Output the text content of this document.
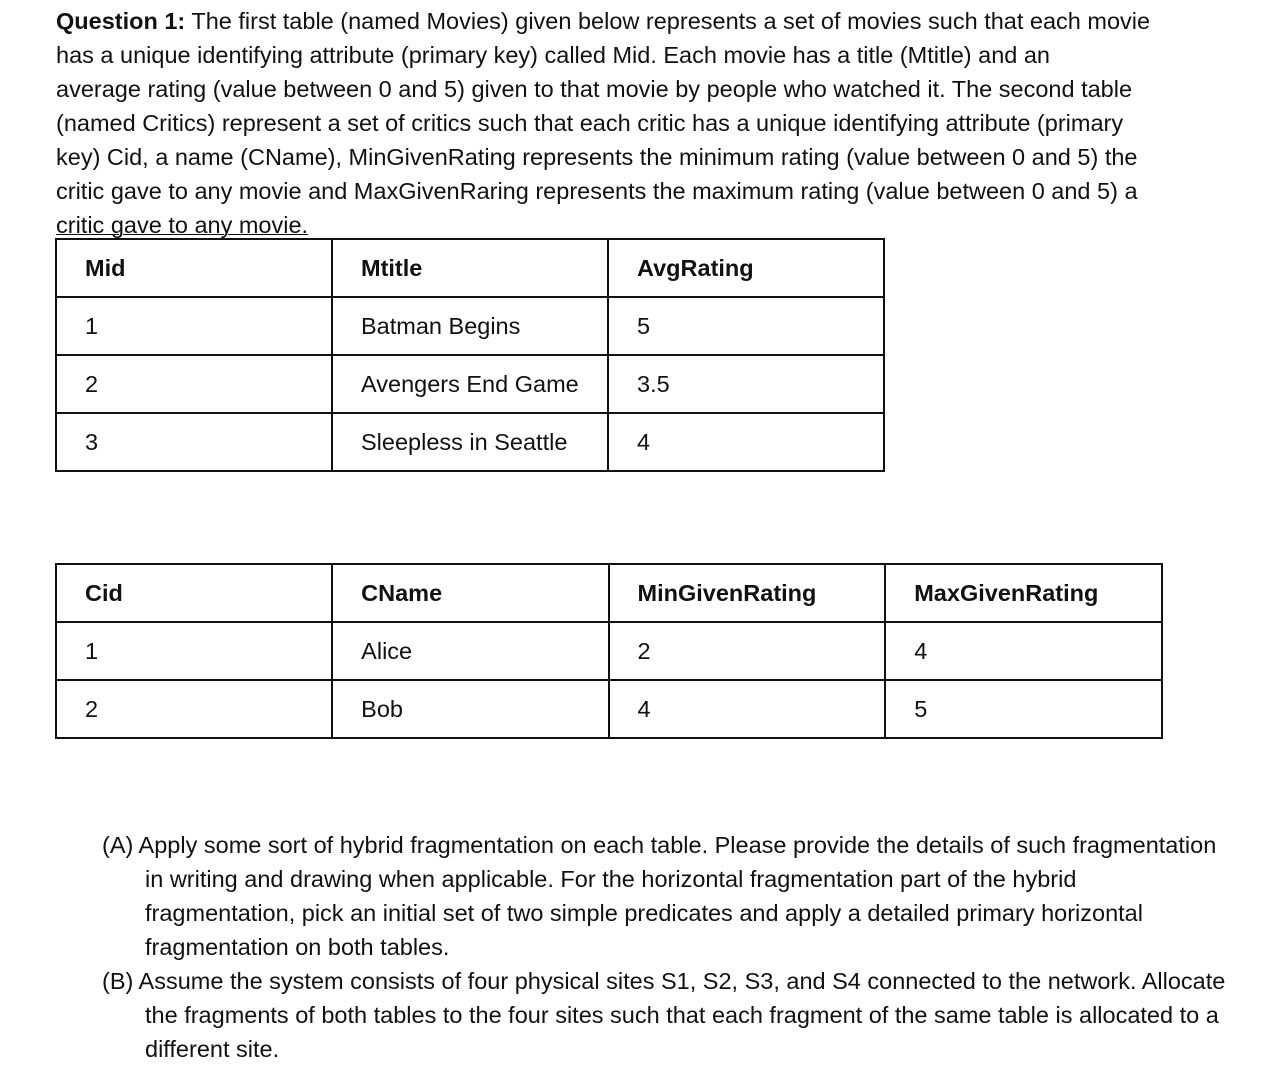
Question 1: The first table (named Movies) given below represents a set of movies such that each movie
has a unique identifying attribute (primary key) called Mid. Each movie has a title (Mtitle) and an
average rating (value between 0 and 5) given to that movie by people who watched it. The second table
(named Critics) represent a set of critics such that each critic has a unique identifying attribute (primary
key) Cid, a name (CName), MinGivenRating represents the minimum rating (value between 0 and 5) the
critic gave to any movie and MaxGivenRaring represents the maximum rating (value between 0 and 5) a
critic gave to any movie.
Mid	Mtitle	AvgRating
1	Batman Begins	5
2	Avengers End Game	3.5
3	Sleepless in Seattle	4
Cid	CName	MinGivenRating	MaxGivenRating
1	Alice	2	4
2	Bob	4	5
(A) Apply some sort of hybrid fragmentation on each table. Please provide the details of such fragmentation in writing and drawing when applicable. For the horizontal fragmentation part of the hybrid fragmentation, pick an initial set of two simple predicates and apply a detailed primary horizontal fragmentation on both tables.
(B) Assume the system consists of four physical sites S1, S2, S3, and S4 connected to the network. Allocate the fragments of both tables to the four sites such that each fragment of the same table is allocated to a different site.
